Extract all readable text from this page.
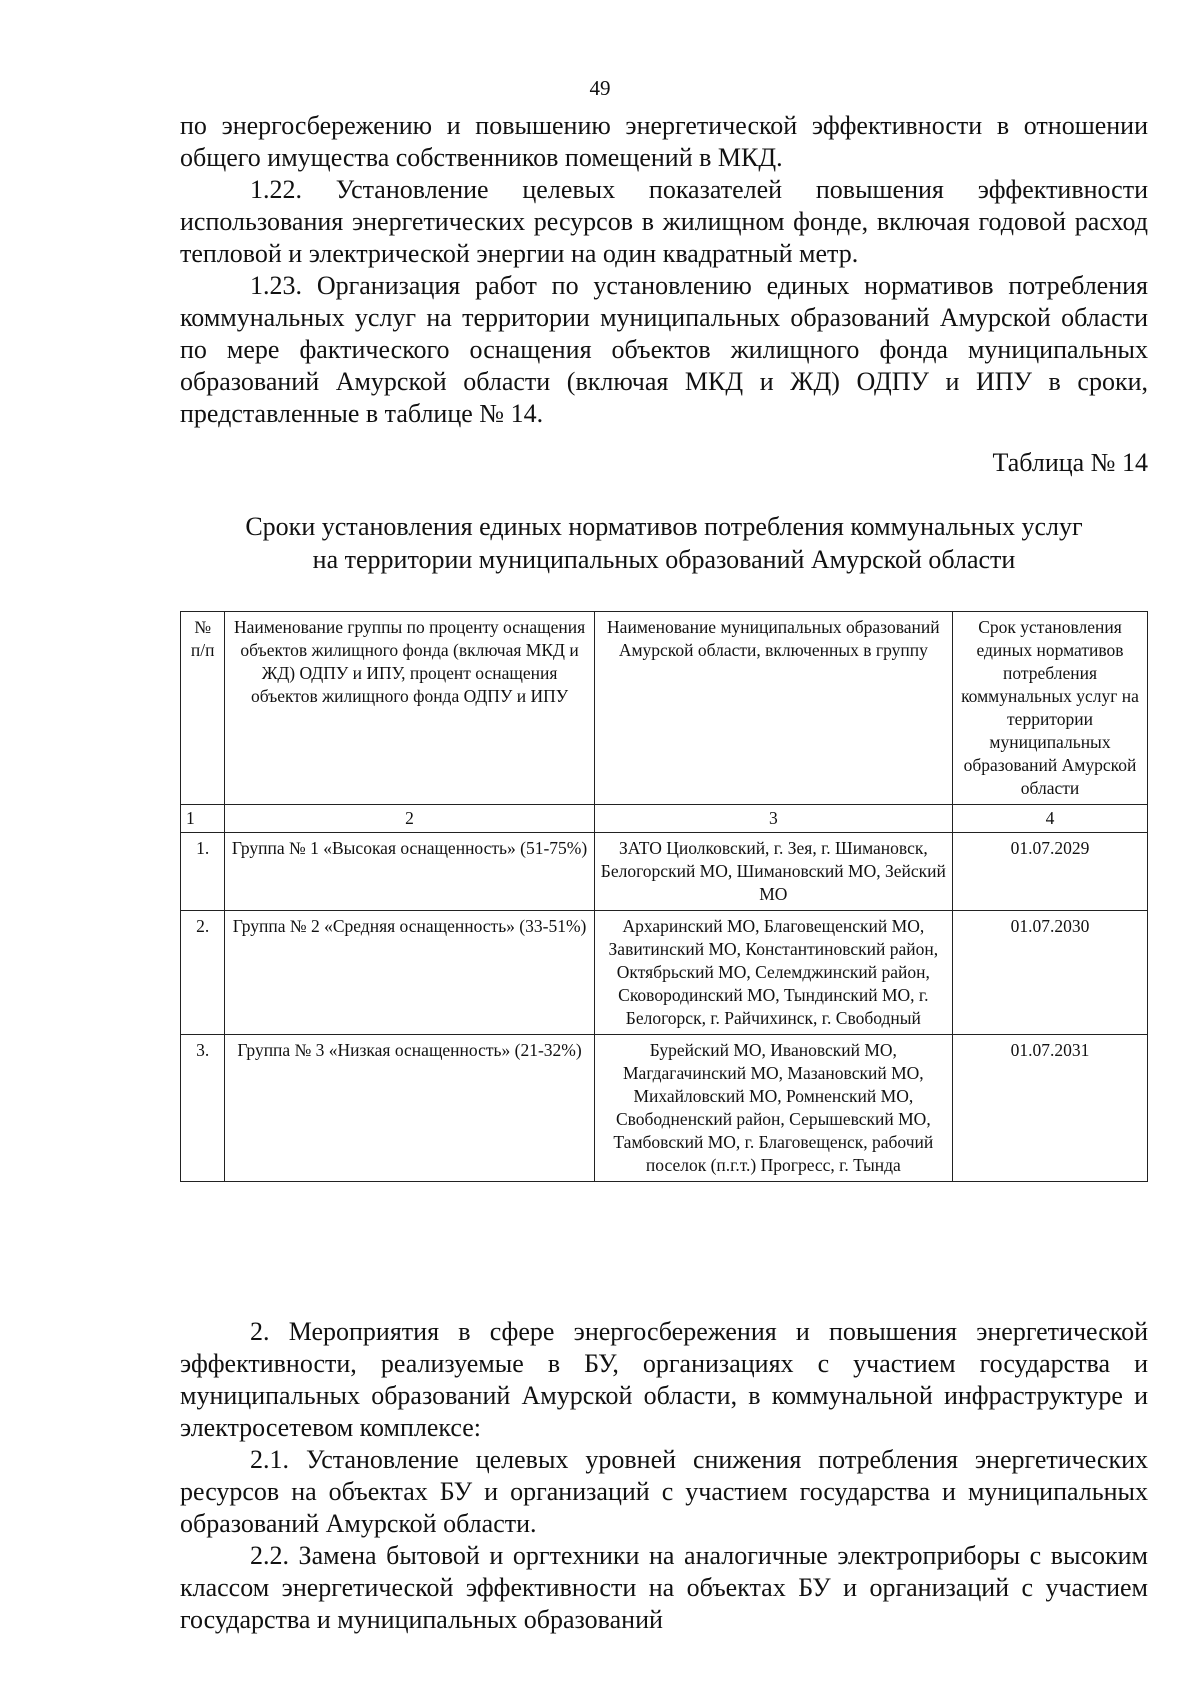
49

по энергосбережению и повышению энергетической эффективности в отношении общего имущества собственников помещений в МКД.

1.22. Установление целевых показателей повышения эффективности использования энергетических ресурсов в жилищном фонде, включая годовой расход тепловой и электрической энергии на один квадратный метр.

1.23. Организация работ по установлению единых нормативов потребления коммунальных услуг на территории муниципальных образований Амурской области по мере фактического оснащения объектов жилищного фонда муниципальных образований Амурской области (включая МКД и ЖД) ОДПУ и ИПУ в сроки, представленные в таблице № 14.

Таблица № 14
Сроки установления единых нормативов потребления коммунальных услуг на территории муниципальных образований Амурской области
№ п/п	Наименование группы по проценту оснащения объектов жилищного фонда (включая МКД и ЖД) ОДПУ и ИПУ, процент оснащения объектов жилищного фонда ОДПУ и ИПУ	Наименование муниципальных образований Амурской области, включенных в группу	Срок установления единых нормативов потребления коммунальных услуг на территории муниципальных образований Амурской области
1	2	3	4
1.	Группа № 1 «Высокая оснащенность» (51-75%)	ЗАТО Циолковский, г. Зея, г. Шимановск, Белогорский МО, Шимановский МО, Зейский МО	01.07.2029
2.	Группа № 2 «Средняя оснащенность» (33-51%)	Архаринский МО, Благовещенский МО, Завитинский МО, Константиновский район, Октябрьский МО, Селемджинский район, Сковородинский МО, Тындинский МО, г. Белогорск, г. Райчихинск, г. Свободный	01.07.2030
3.	Группа № 3 «Низкая оснащенность» (21-32%)	Бурейский МО, Ивановский МО, Магдагачинский МО, Мазановский МО, Михайловский МО, Ромненский МО, Свободненский район, Серышевский МО, Тамбовский МО, г. Благовещенск, рабочий поселок (п.г.т.) Прогресс, г. Тында	01.07.2031

2. Мероприятия в сфере энергосбережения и повышения энергетической эффективности, реализуемые в БУ, организациях с участием государства и муниципальных образований Амурской области, в коммунальной инфраструктуре и электросетевом комплексе:

2.1. Установление целевых уровней снижения потребления энергетических ресурсов на объектах БУ и организаций с участием государства и муниципальных образований Амурской области.

2.2. Замена бытовой и оргтехники на аналогичные электроприборы с высоким классом энергетической эффективности на объектах БУ и организаций с участием государства и муниципальных образований
